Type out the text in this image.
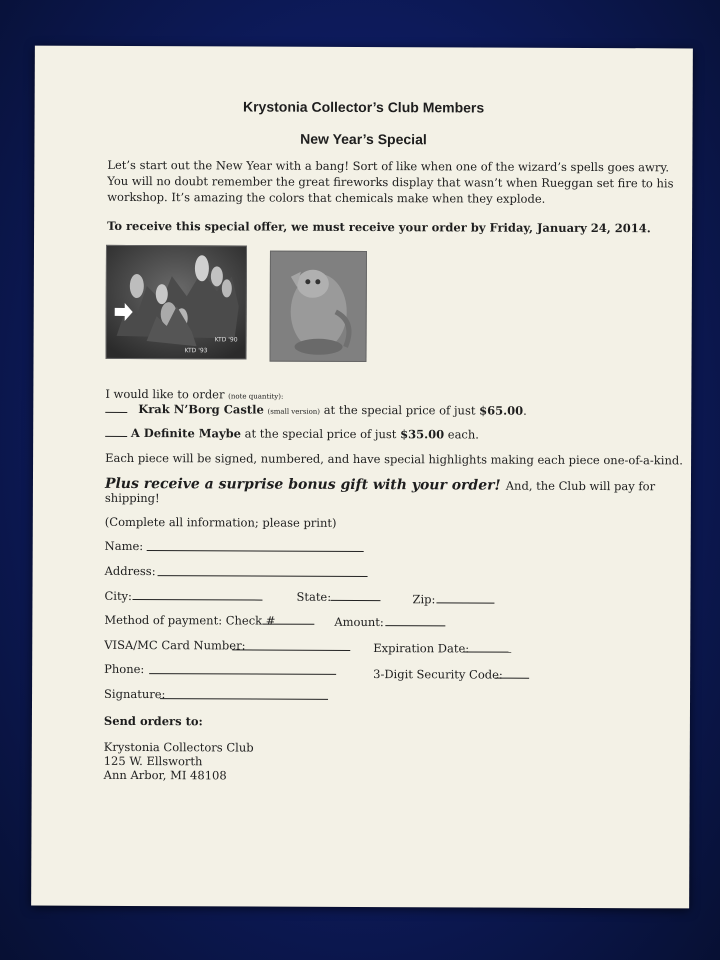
Krystonia Collector’s Club Members
New Year’s Special
Let’s start out the New Year with a bang! Sort of like when one of the wizard’s spells goes awry.
You will no doubt remember the great fireworks display that wasn’t when Rueggan set fire to his
workshop. It’s amazing the colors that chemicals make when they explode.
To receive this special offer, we must receive your order by Friday, January 24, 2014.
KTD '90
KTD '93
I would like to order (note quantity):
Krak N’Borg Castle (small version) at the special price of just $65.00.
A Definite Maybe at the special price of just $35.00 each.
Each piece will be signed, numbered, and have special highlights making each piece one-of-a-kind.
Plus receive a surprise bonus gift with your order! And, the Club will pay for
shipping!
(Complete all information; please print)
Name:
Address:
City:	State:	Zip:
Method of payment: Check #	Amount:
VISA/MC Card Number:	Expiration Date:
Phone:	3-Digit Security Code:
Signature:
Send orders to:
Krystonia Collectors Club
125 W. Ellsworth
Ann Arbor, MI 48108
